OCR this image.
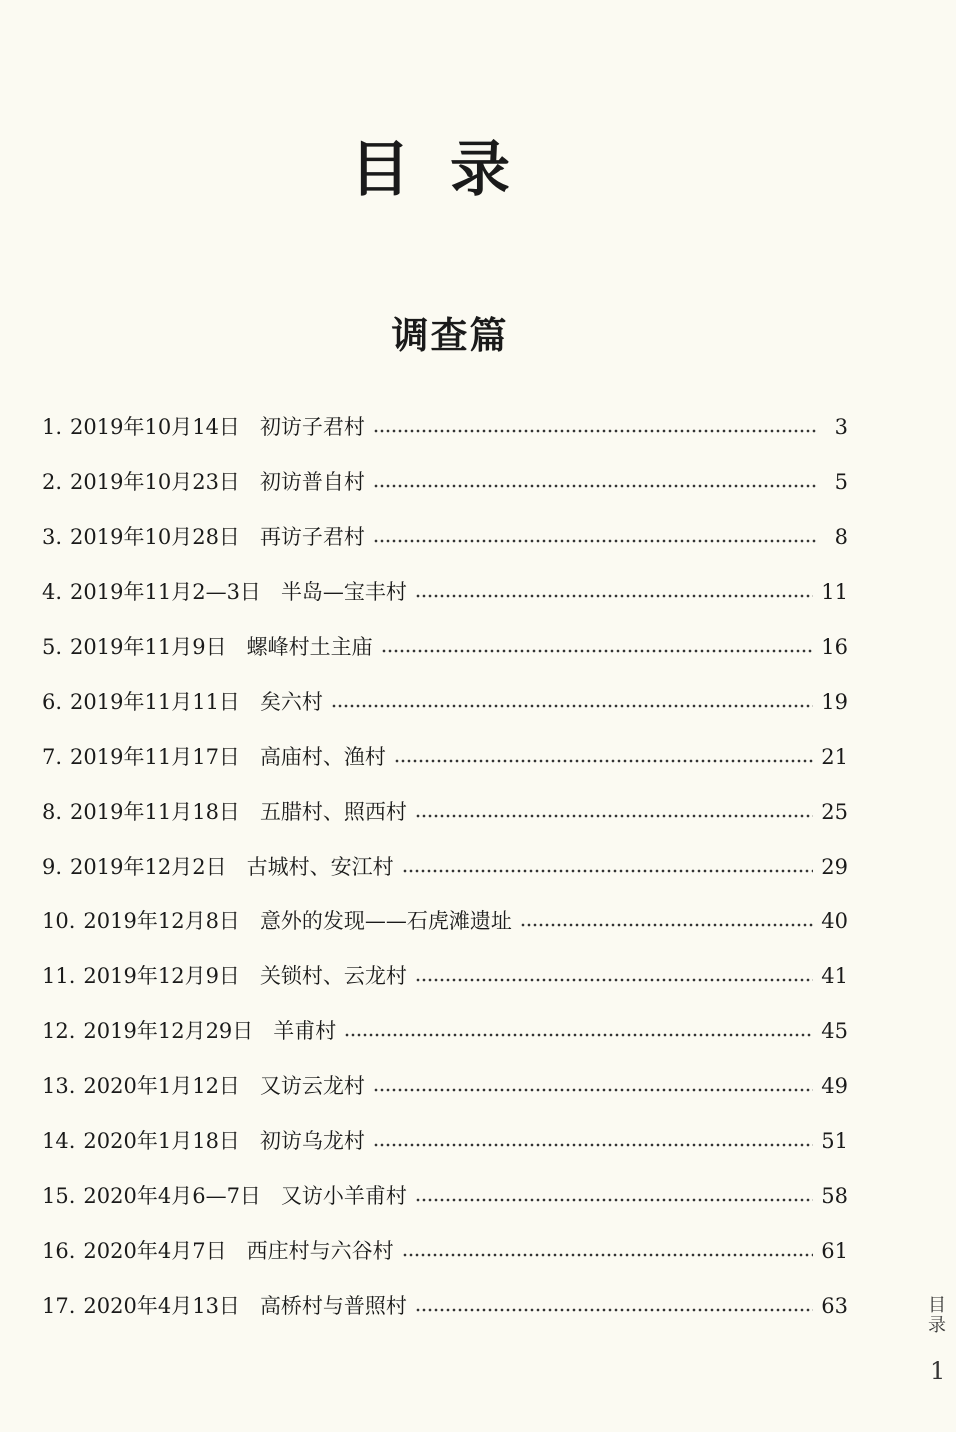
目录
调查篇
1. 2019年10月14日 初访子君村	3
2. 2019年10月23日 初访普自村	5
3. 2019年10月28日 再访子君村	8
4. 2019年11月2—3日 半岛—宝丰村	11
5. 2019年11月9日 螺峰村土主庙	16
6. 2019年11月11日 矣六村	19
7. 2019年11月17日 高庙村、渔村	21
8. 2019年11月18日 五腊村、照西村	25
9. 2019年12月2日 古城村、安江村	29
10. 2019年12月8日 意外的发现——石虎滩遗址	40
11. 2019年12月9日 关锁村、云龙村	41
12. 2019年12月29日 羊甫村	45
13. 2020年1月12日 又访云龙村	49
14. 2020年1月18日 初访乌龙村	51
15. 2020年4月6—7日 又访小羊甫村	58
16. 2020年4月7日 西庄村与六谷村	61
17. 2020年4月13日 高桥村与普照村	63	目录
1
